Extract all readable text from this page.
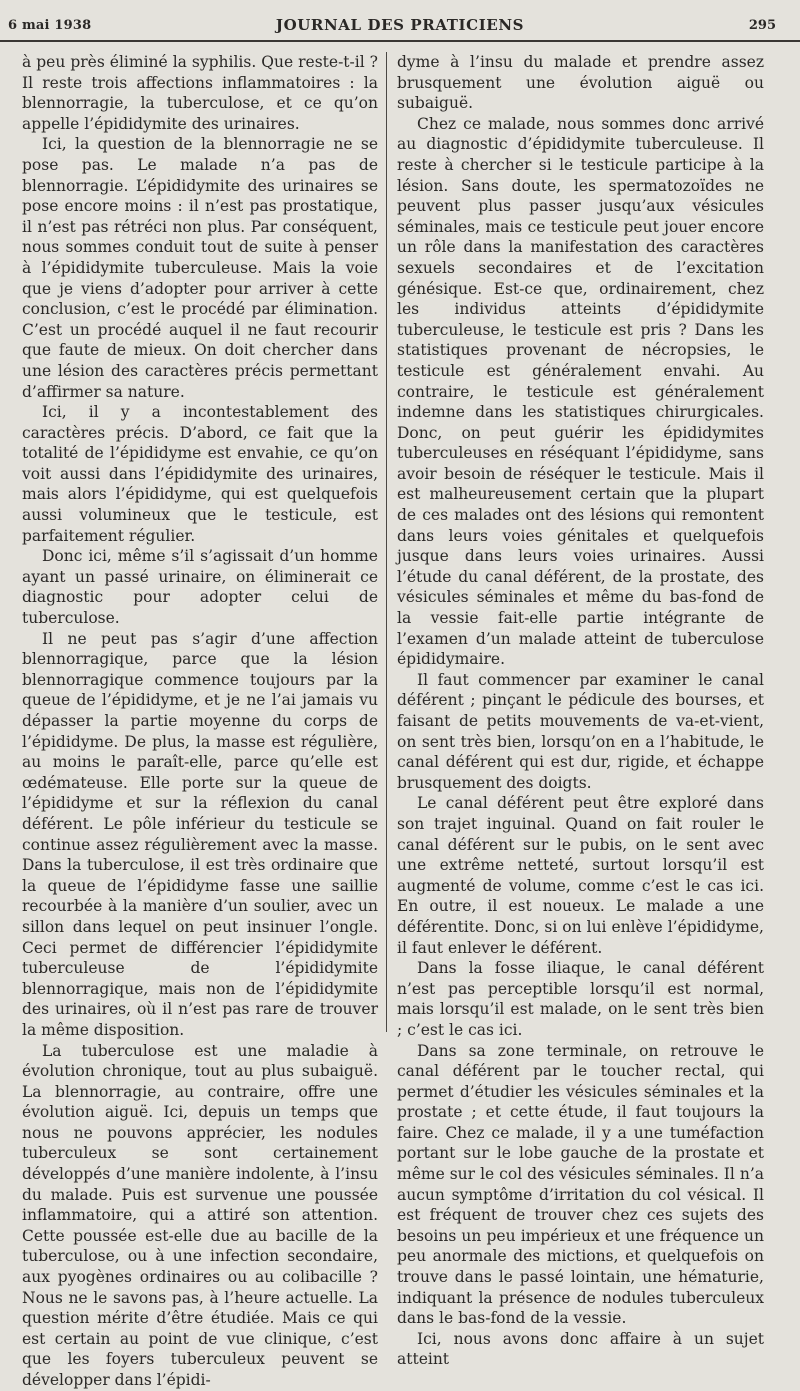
6 mai 1938	JOURNAL DES PRATICIENS	295

à peu près éliminé la syphilis. Que reste-t-il ? Il reste trois affections inflammatoires : la blennorragie, la tuberculose, et ce qu’on appelle l’épididymite des urinaires.

Ici, la question de la blennorragie ne se pose pas. Le malade n’a pas de blennorragie. L’épididymite des urinaires se pose encore moins : il n’est pas prostatique, il n’est pas rétréci non plus. Par conséquent, nous sommes conduit tout de suite à penser à l’épididymite tuberculeuse. Mais la voie que je viens d’adopter pour arriver à cette conclusion, c’est le procédé par élimination. C’est un procédé auquel il ne faut recourir que faute de mieux. On doit chercher dans une lésion des caractères précis permettant d’affirmer sa nature.

Ici, il y a incontestablement des caractères précis. D’abord, ce fait que la totalité de l’épididyme est envahie, ce qu’on voit aussi dans l’épididymite des urinaires, mais alors l’épididyme, qui est quelquefois aussi volumineux que le testicule, est parfaitement régulier.

Donc ici, même s’il s’agissait d’un homme ayant un passé urinaire, on éliminerait ce diagnostic pour adopter celui de tuberculose.

Il ne peut pas s’agir d’une affection blennorragique, parce que la lésion blennorragique commence toujours par la queue de l’épididyme, et je ne l’ai jamais vu dépasser la partie moyenne du corps de l’épididyme. De plus, la masse est régulière, au moins le paraît-elle, parce qu’elle est œdémateuse. Elle porte sur la queue de l’épididyme et sur la réflexion du canal déférent. Le pôle inférieur du testicule se continue assez régulièrement avec la masse. Dans la tuberculose, il est très ordinaire que la queue de l’épididyme fasse une saillie recourbée à la manière d’un soulier, avec un sillon dans lequel on peut insinuer l’ongle. Ceci permet de différencier l’épididymite tuberculeuse de l’épididymite blennorragique, mais non de l’épididymite des urinaires, où il n’est pas rare de trouver la même disposition.

La tuberculose est une maladie à évolution chronique, tout au plus subaiguë. La blennorragie, au contraire, offre une évolution aiguë. Ici, depuis un temps que nous ne pouvons apprécier, les nodules tuberculeux se sont certainement développés d’une manière indolente, à l’insu du malade. Puis est survenue une poussée inflammatoire, qui a attiré son attention. Cette poussée est-elle due au bacille de la tuberculose, ou à une infection secondaire, aux pyogènes ordinaires ou au colibacille ? Nous ne le savons pas, à l’heure actuelle. La question mérite d’être étudiée. Mais ce qui est certain au point de vue clinique, c’est que les foyers tuberculeux peuvent se développer dans l’épidi-

dyme à l’insu du malade et prendre assez brusquement une évolution aiguë ou subaiguë.

Chez ce malade, nous sommes donc arrivé au diagnostic d’épididymite tuberculeuse. Il reste à chercher si le testicule participe à la lésion. Sans doute, les spermatozoïdes ne peuvent plus passer jusqu’aux vésicules séminales, mais ce testicule peut jouer encore un rôle dans la manifestation des caractères sexuels secondaires et de l’excitation génésique. Est-ce que, ordinairement, chez les individus atteints d’épididymite tuberculeuse, le testicule est pris ? Dans les statistiques provenant de nécropsies, le testicule est généralement envahi. Au contraire, le testicule est généralement indemne dans les statistiques chirurgicales. Donc, on peut guérir les épididymites tuberculeuses en réséquant l’épididyme, sans avoir besoin de réséquer le testicule. Mais il est malheureusement certain que la plupart de ces malades ont des lésions qui remontent dans leurs voies génitales et quelquefois jusque dans leurs voies urinaires. Aussi l’étude du canal déférent, de la prostate, des vésicules séminales et même du bas-fond de la vessie fait-elle partie intégrante de l’examen d’un malade atteint de tuberculose épididymaire.

Il faut commencer par examiner le canal déférent ; pinçant le pédicule des bourses, et faisant de petits mouvements de va-et-vient, on sent très bien, lorsqu’on en a l’habitude, le canal déférent qui est dur, rigide, et échappe brusquement des doigts.

Le canal déférent peut être exploré dans son trajet inguinal. Quand on fait rouler le canal déférent sur le pubis, on le sent avec une extrême netteté, surtout lorsqu’il est augmenté de volume, comme c’est le cas ici. En outre, il est noueux. Le malade a une déférentite. Donc, si on lui enlève l’épididyme, il faut enlever le déférent.

Dans la fosse iliaque, le canal déférent n’est pas perceptible lorsqu’il est normal, mais lorsqu’il est malade, on le sent très bien ; c’est le cas ici.

Dans sa zone terminale, on retrouve le canal déférent par le toucher rectal, qui permet d’étudier les vésicules séminales et la prostate ; et cette étude, il faut toujours la faire. Chez ce malade, il y a une tuméfaction portant sur le lobe gauche de la prostate et même sur le col des vésicules séminales. Il n’a aucun symptôme d’irritation du col vésical. Il est fréquent de trouver chez ces sujets des besoins un peu impérieux et une fréquence un peu anormale des mictions, et quelquefois on trouve dans le passé lointain, une hématurie, indiquant la présence de nodules tuberculeux dans le bas-fond de la vessie.

Ici, nous avons donc affaire à un sujet atteint
